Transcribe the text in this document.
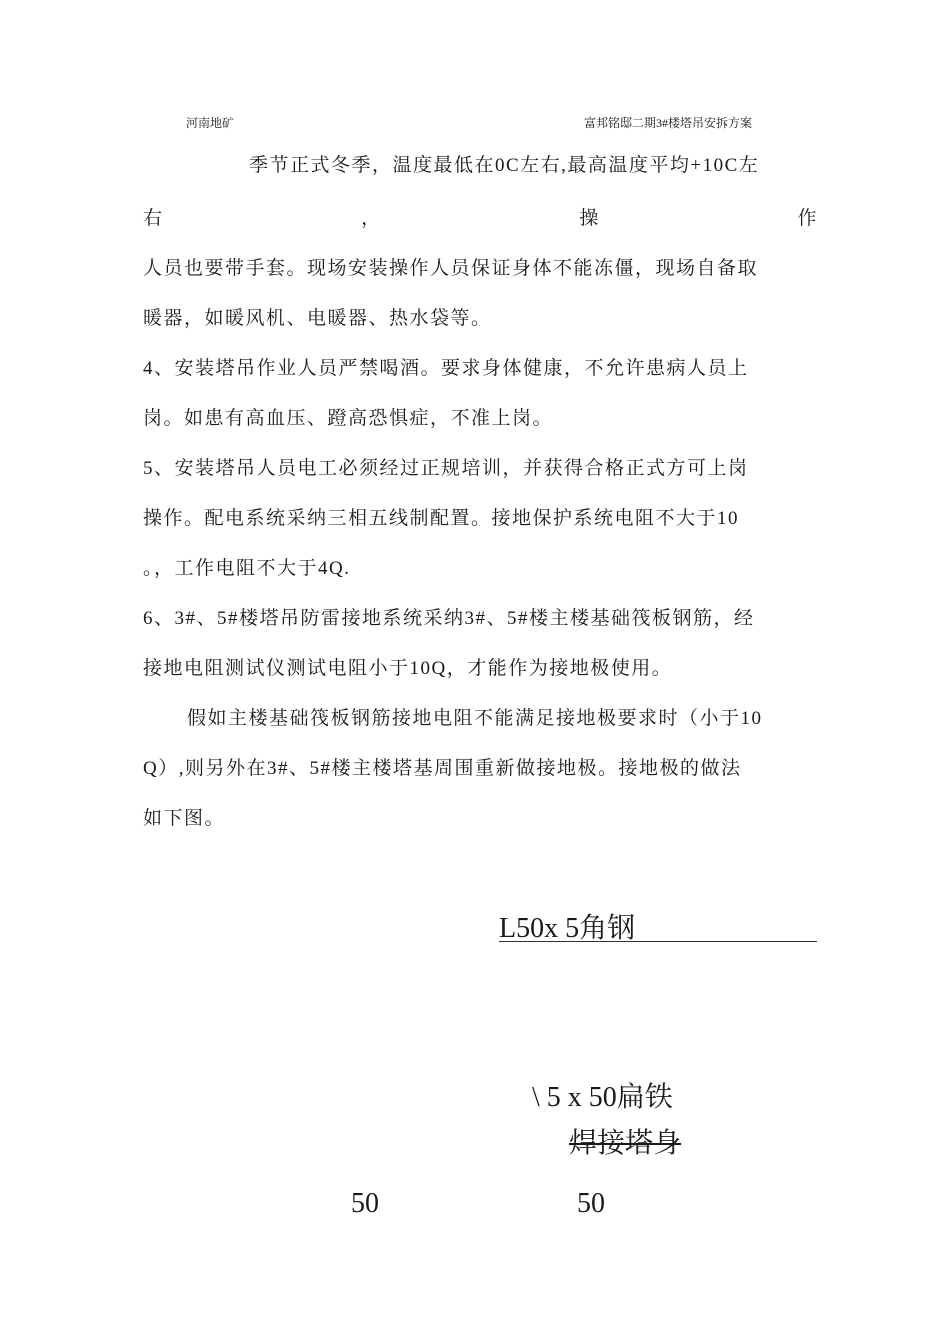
河南地矿	富邦铭邸二期3#楼塔吊安拆方案
季节正式冬季，温度最低在0C左右,最高温度平均+10C左
右	，	操	作
人员也要带手套。现场安装操作人员保证身体不能冻僵，现场自备取
暖器，如暖风机、电暖器、热水袋等。
4、安装塔吊作业人员严禁喝酒。要求身体健康，不允许患病人员上
岗。如患有高血压、蹬高恐惧症，不准上岗。
5、安装塔吊人员电工必须经过正规培训，并获得合格正式方可上岗
操作。配电系统采纳三相五线制配置。接地保护系统电阻不大于10
。，工作电阻不大于4Q.
6、3#、5#楼塔吊防雷接地系统采纳3#、5#楼主楼基础筏板钢筋，经
接地电阻测试仪测试电阻小于10Q，才能作为接地极使用。
假如主楼基础筏板钢筋接地电阻不能满足接地极要求时（小于10
Q）,则另外在3#、5#楼主楼塔基周围重新做接地极。接地极的做法
如下图。
L50x 5角钢
\ 5 x 50扁铁
焊接塔身
50	50
